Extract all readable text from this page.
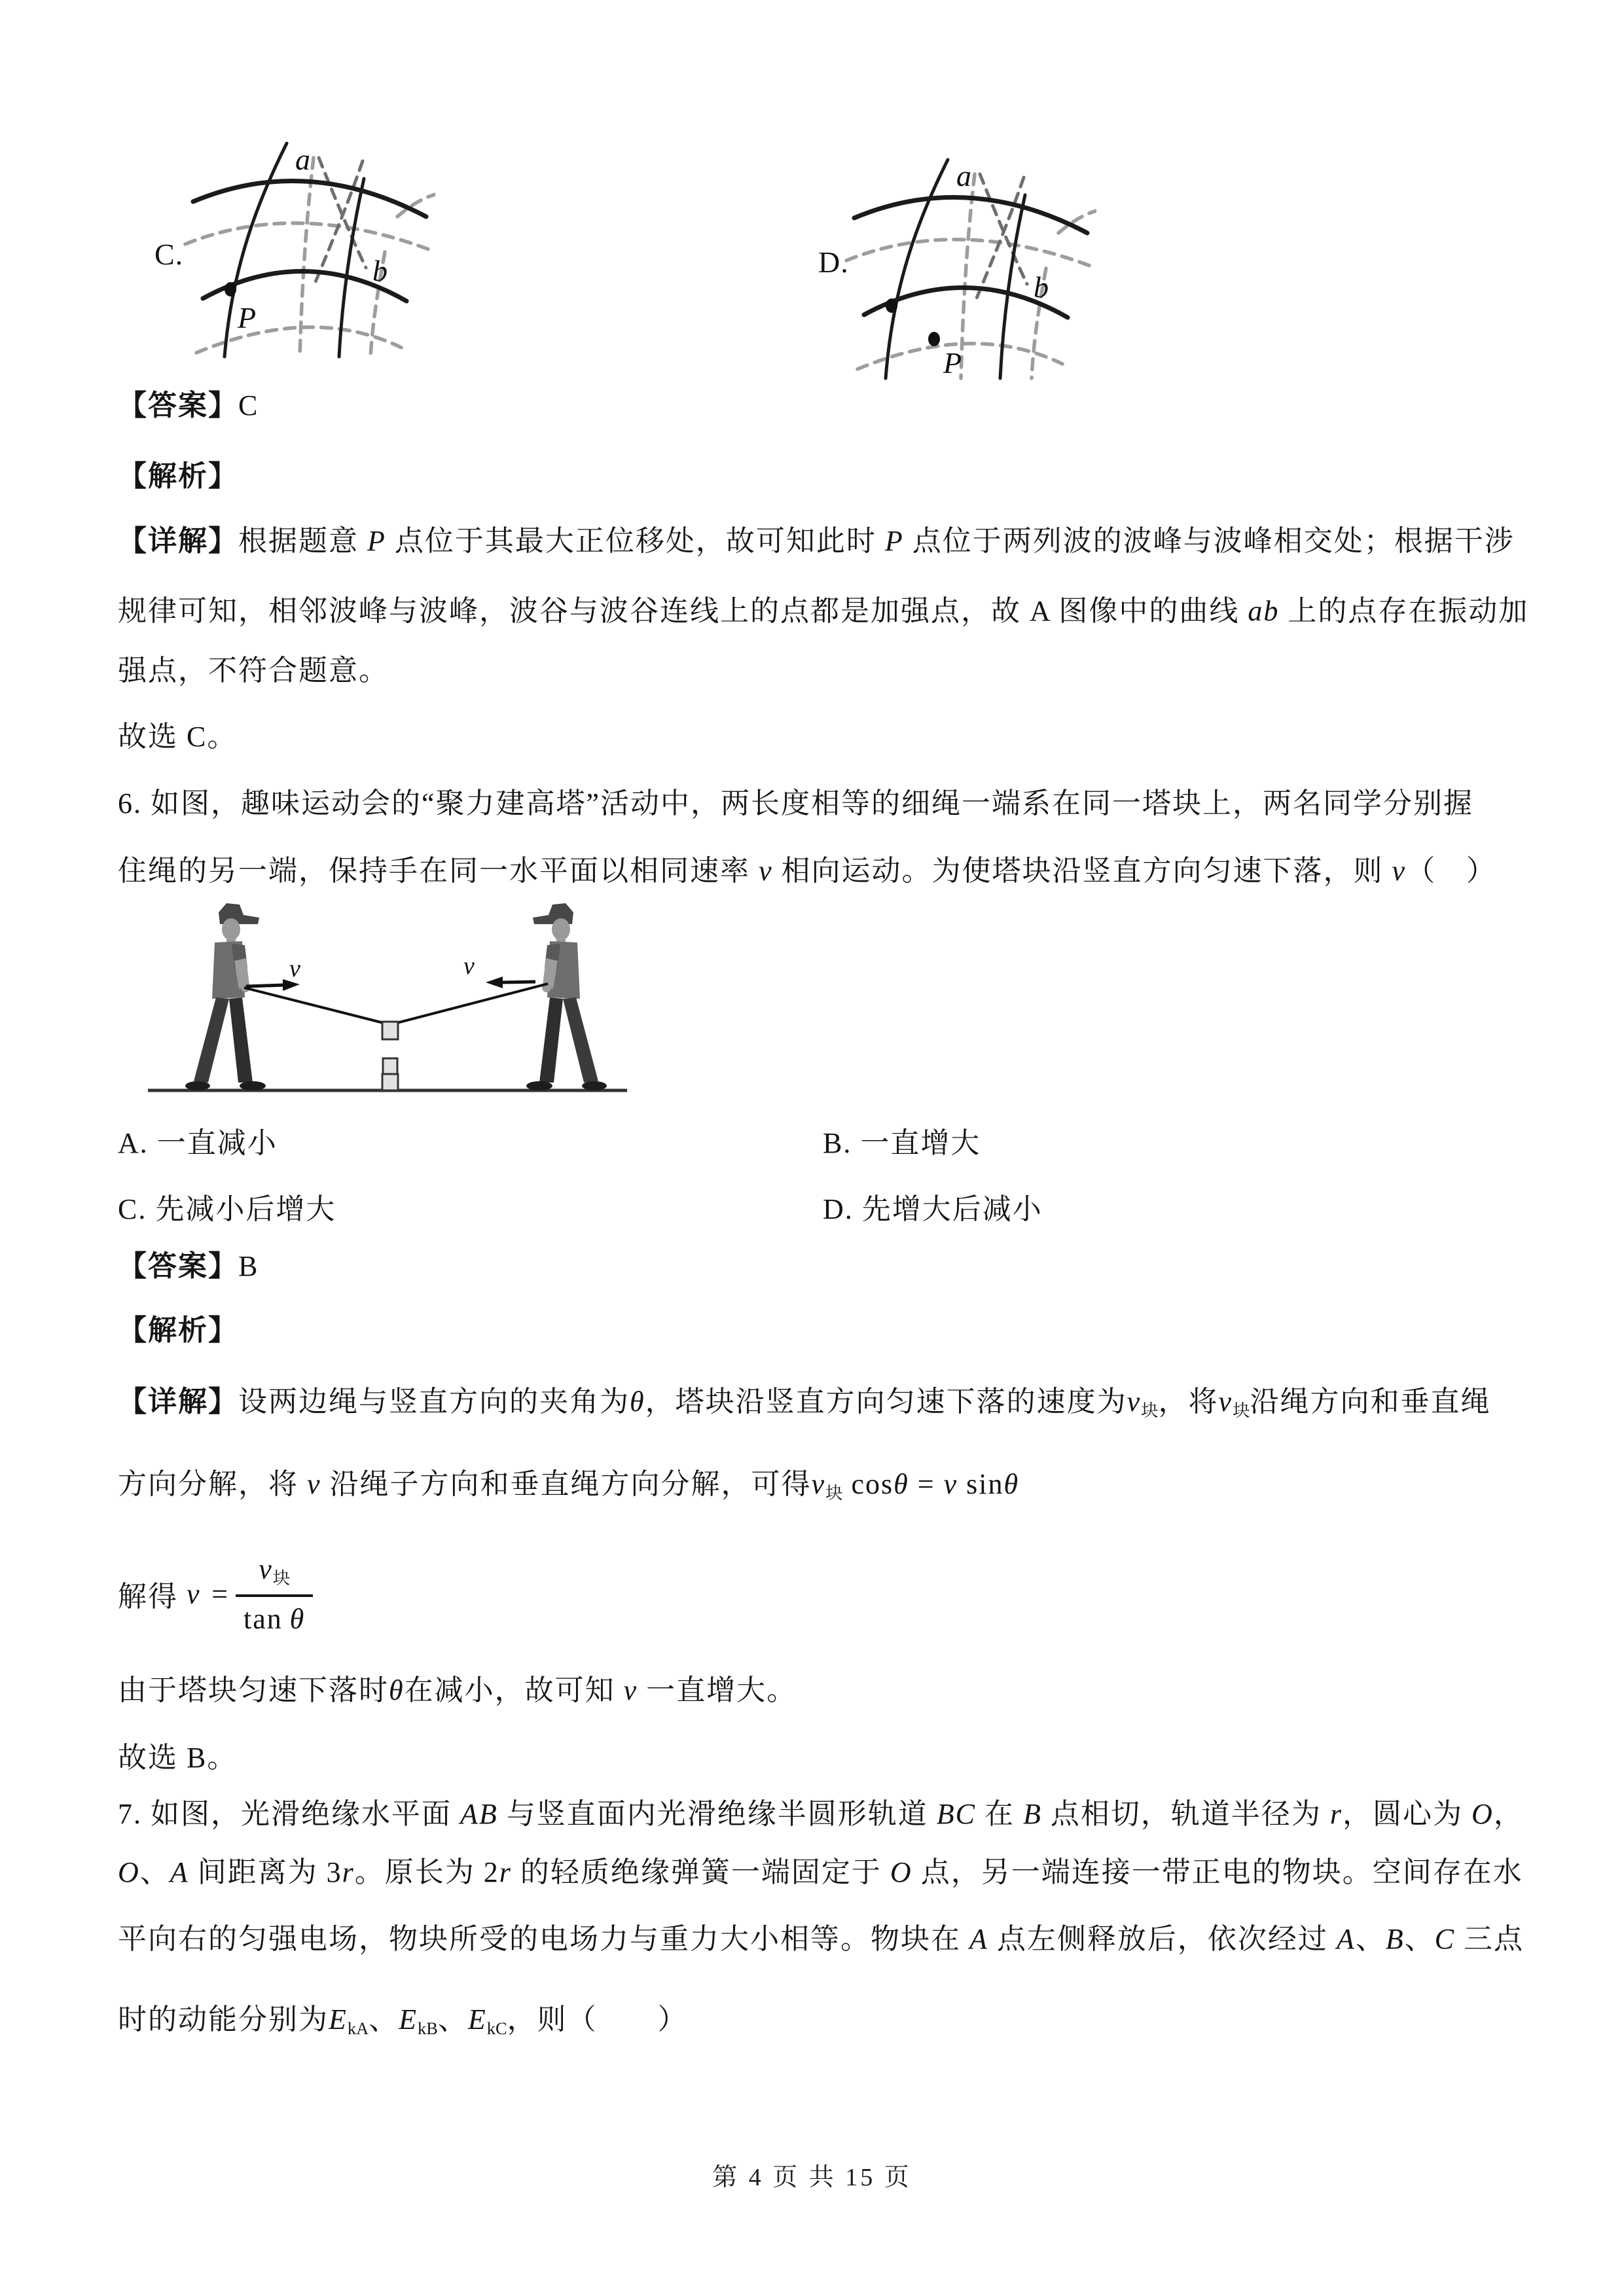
C.
a
b
P
D.
a
b
P
【答案】C
【解析】
【详解】根据题意 P 点位于其最大正位移处，故可知此时 P 点位于两列波的波峰与波峰相交处；根据干涉
规律可知，相邻波峰与波峰，波谷与波谷连线上的点都是加强点，故 A 图像中的曲线 ab 上的点存在振动加
强点，不符合题意。
故选 C。
6. 如图，趣味运动会的“聚力建高塔”活动中，两长度相等的细绳一端系在同一塔块上，两名同学分别握
住绳的另一端，保持手在同一水平面以相同速率 v 相向运动。为使塔块沿竖直方向匀速下落，则 v（　）
v	v
A.  一直减小	B.  一直增大
C.  先减小后增大	D.  先增大后减小
【答案】B
【解析】
【详解】设两边绳与竖直方向的夹角为θ，塔块沿竖直方向匀速下落的速度为v块，将v块沿绳方向和垂直绳
方向分解，将 v 沿绳子方向和垂直绳方向分解，可得v块 cosθ = v sinθ
解得
  v
  = $\frac{\text{v块}}{\text{tan  θ}}$
由于塔块匀速下落时θ在减小，故可知 v 一直增大。
故选 B。
7. 如图，光滑绝缘水平面 AB 与竖直面内光滑绝缘半圆形轨道 BC 在 B 点相切，轨道半径为 r，圆心为 O，
O、A 间距离为 3r。原长为 2r 的轻质绝缘弹簧一端固定于 O 点，另一端连接一带正电的物块。空间存在水
平向右的匀强电场，物块所受的电场力与重力大小相等。物块在 A 点左侧释放后，依次经过 A、B、C 三点
时的动能分别为EkA、EkB、EkC，则（　　）
第 4 页 共 15 页
